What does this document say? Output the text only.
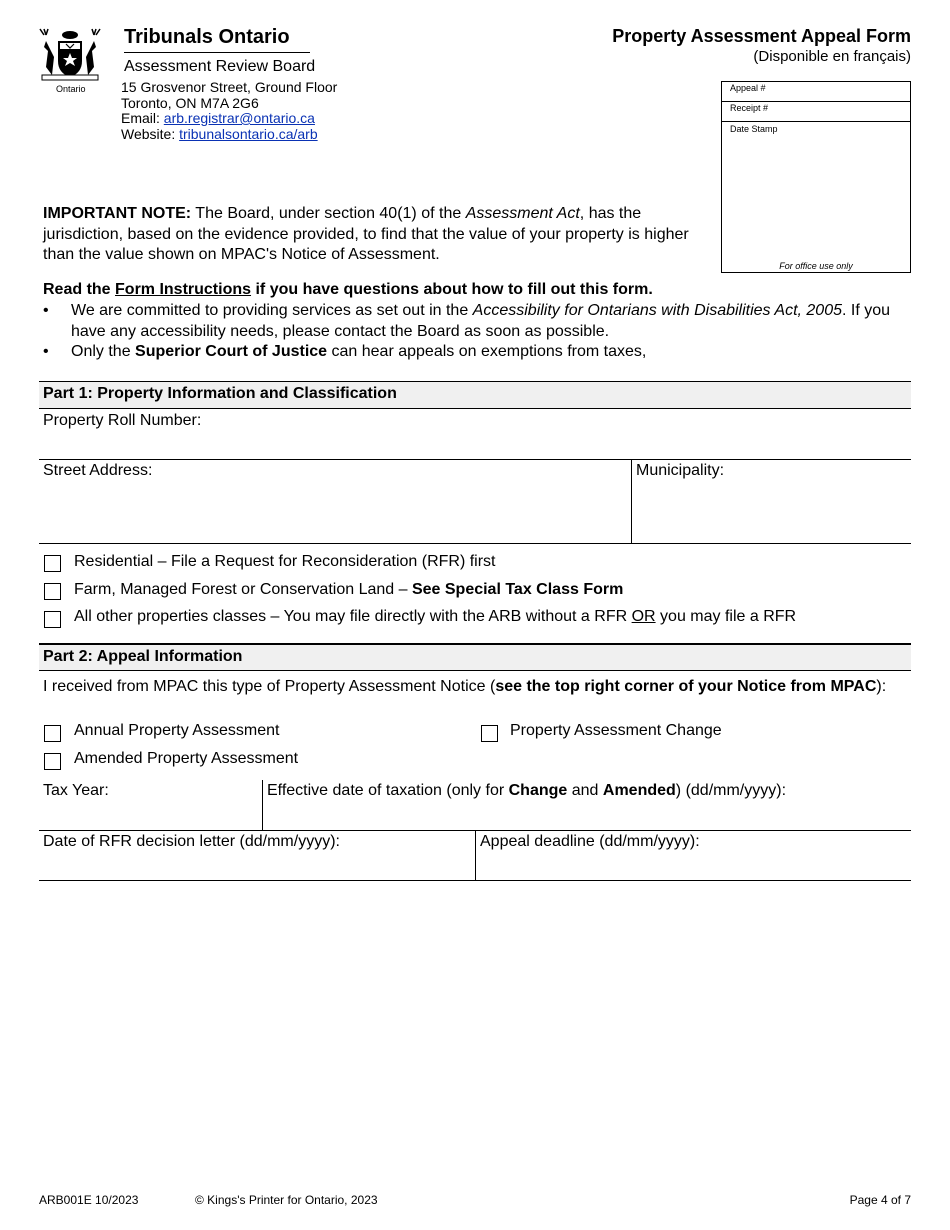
Ontario
Tribunals Ontario
Assessment Review Board
15 Grosvenor Street, Ground Floor
Toronto, ON M7A 2G6
Email: arb.registrar@ontario.ca
Website: tribunalsontario.ca/arb
Property Assessment Appeal Form
(Disponible en français)
Appeal #
Receipt #
Date Stamp
For office use only
IMPORTANT NOTE: The Board, under section 40(1) of the Assessment Act, has the jurisdiction, based on the evidence provided, to find that the value of your property is higher than the value shown on MPAC's Notice of Assessment.
Read the Form Instructions if you have questions about how to fill out this form.
• We are committed to providing services as set out in the Accessibility for Ontarians with Disabilities Act, 2005. If you have any accessibility needs, please contact the Board as soon as possible.
• Only the Superior Court of Justice can hear appeals on exemptions from taxes,
Part 1: Property Information and Classification
Property Roll Number:
Street Address:	Municipality:
Residential – File a Request for Reconsideration (RFR) first
Farm, Managed Forest or Conservation Land – See Special Tax Class Form
All other properties classes – You may file directly with the ARB without a RFR OR you may file a RFR
Part 2: Appeal Information
I received from MPAC this type of Property Assessment Notice (see the top right corner of your Notice from MPAC):
Annual Property Assessment	Property Assessment Change
Amended Property Assessment
Tax Year:	Effective date of taxation (only for Change and Amended) (dd/mm/yyyy):
Date of RFR decision letter (dd/mm/yyyy):	Appeal deadline (dd/mm/yyyy):
ARB001E 10/2023	© Kings's Printer for Ontario, 2023	Page 4 of 7
